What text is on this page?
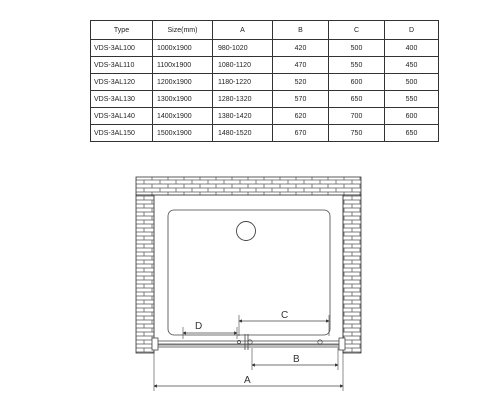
Type	Size(mm)	A	B	C	D
VDS-3AL100	1000x1900	980-1020	420	500	400
VDS-3AL110	1100x1900	1080-1120	470	550	450
VDS-3AL120	1200x1900	1180-1220	520	600	500
VDS-3AL130	1300x1900	1280-1320	570	650	550
VDS-3AL140	1400x1900	1380-1420	620	700	600
VDS-3AL150	1500x1900	1480-1520	670	750	650
D
C
B
A
